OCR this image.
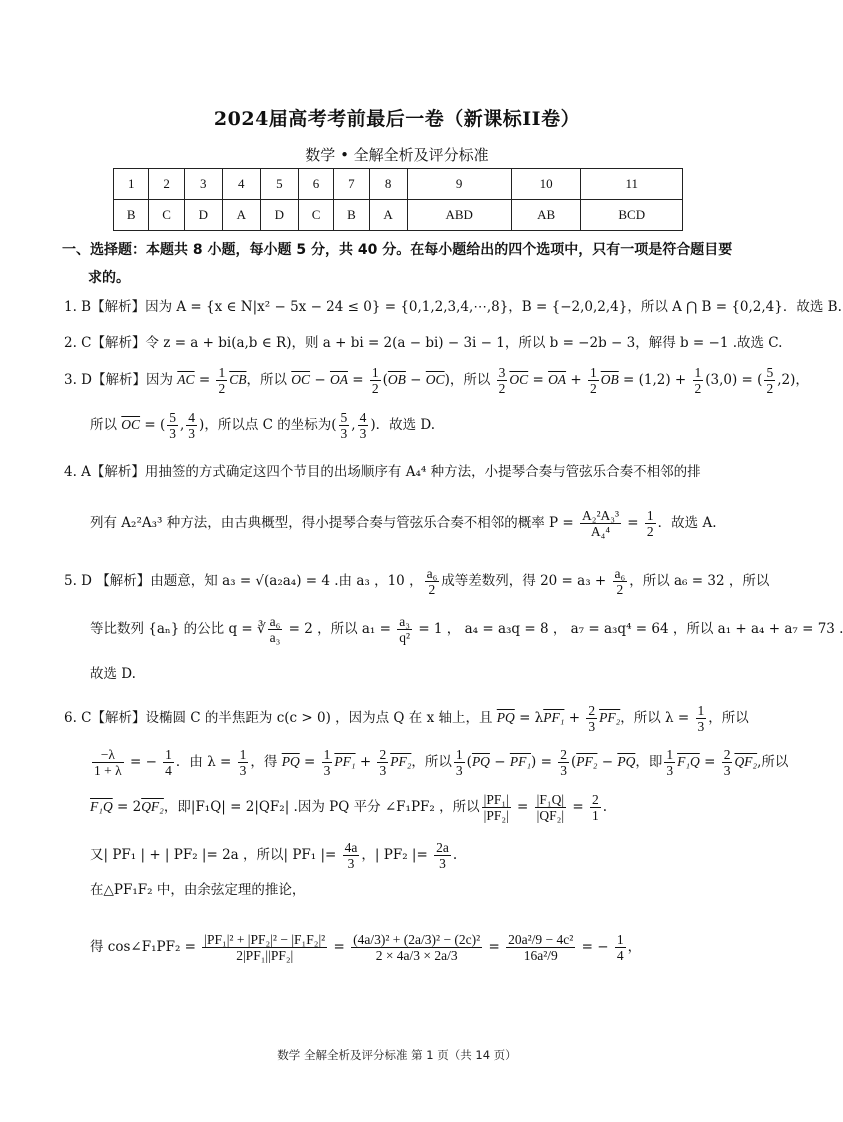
2024届高考考前最后一卷（新课标II卷）
数学 • 全解全析及评分标准
1	2	3	4	5	6	7	8	9	10	11
B	C	D	A	D	C	B	A	ABD	AB	BCD
一、选择题：本题共 8 小题，每小题 5 分，共 40 分。在每小题给出的四个选项中，只有一项是符合题目要
求的。
1. B【解析】因为 A = {x ∈ N|x² − 5x − 24 ≤ 0} = {0,1,2,3,4,⋯,8}，B = {−2,0,2,4}，所以 A ⋂ B = {0,2,4}．故选 B.
2. C【解析】令 z = a + bi(a,b ∈ R)，则 a + bi = 2(a − bi) − 3i − 1，所以 b = −2b − 3，解得 b = −1 .故选 C.
3. D【解析】因为 $\overline{AC} = \frac{1}{2} \overline{CB}$，所以 $\overline{OC} - \overline{OA} = \frac{1}{2} (\overline{OB} - \overline{OC})$，所以 $\frac{3}{2} \overline{OC} = \overline{OA} + \frac{1}{2} \overline{OB} = (1,2) + \frac{1}{2} (3,0)$ = ( $\frac{5}{2} ,2$)，
所以 $\overline{OC}$ = ( $\frac{5}{3}$ , $\frac{4}{3}$ )，所以点 C 的坐标为( $\frac{5}{3}$ , $\frac{4}{3}$ )．故选 D.
4. A【解析】用抽签的方式确定这四个节目的出场顺序有 A₄⁴ 种方法，小提琴合奏与管弦乐合奏不相邻的排
列有 A₂²A₃³ 种方法，由古典概型，得小提琴合奏与管弦乐合奏不相邻的概率 $P = \frac{\text{A₂²A₃³}}{\text{A₄⁴}} = \frac{1}{2}$ ．故选 A.
5. D 【解析】由题意，知 a₃ = √(a₂a₄) = 4 .由 a₃ ，10 ， $\frac{\text{a₆}}{2}$ 成等差数列，得 $20 = a_3 + \frac{\text{a₆}}{2}$ ，所以 a₆ = 32 ，所以
等比数列 {aₙ} 的公比 q = ∛ $\frac{\text{a₆}}{\text{a₃}} = 2$ ，所以 $a_1 = \frac{\text{a₃}}{\text{q²}} = 1$ ， a₄ = a₃q = 8 ， a₇ = a₃q⁴ = 64 ，所以 a₁ + a₄ + a₇ = 73 .
故选 D.
6. C【解析】设椭圆 C 的半焦距为 c(c > 0) ，因为点 Q 在 x 轴上，且 $\overline{PQ} = \lambda PF_1 + \frac{2}{3} PF_2$，所以 $\lambda = \frac{1}{3}$ ，所以
$\frac{-\lambda}{1 + \lambda}$ = − $\frac{1}{4}$ ．由 $\lambda = \frac{1}{3}$ ，得 $\overline{PQ} = \frac{1}{3} PF_1 + \frac{2}{3} PF_2$，所以 $\frac{1}{3} (\overline{PQ} - PF_1) = \frac{2}{3} (PF_2 - \overline{PQ}$，即 $\frac{1}{3} F_1Q = \frac{2}{3} QF_2$,所以
F₁Q = 2QF₂，即|F₁Q| = 2|QF₂| .因为 PQ 平分 ∠F₁PF₂ ，所以 $\frac{\text{|PF₁|}}{\text{|PF₂|}} = \frac{\text{|F₁Q|}}{\text{|QF₂|}} = \frac{2}{1}$ .
又| PF₁ | + | PF₂ |= 2a ，所以| PF₁ |= $\frac{4a}{3}$ ，| PF₂ |= $\frac{2a}{3}$ .
在△PF₁F₂ 中，由余弦定理的推论，
得 cos∠F₁PF₂ = $\frac{\text{|PF₁|² + |PF₂|² − |F₁F₂|²}}{\text{2|PF₁||PF₂|}} = \frac{\text{(4a/3)² + (2a/3)² − (2c)²}}{2 \times 4a/3 \times 2a/3} = \frac{\text{20a²/9 − 4c²}}{\text{16a²/9}}$ = − $\frac{1}{4}$ ，
数学 全解全析及评分标准 第 1 页（共 14 页）
